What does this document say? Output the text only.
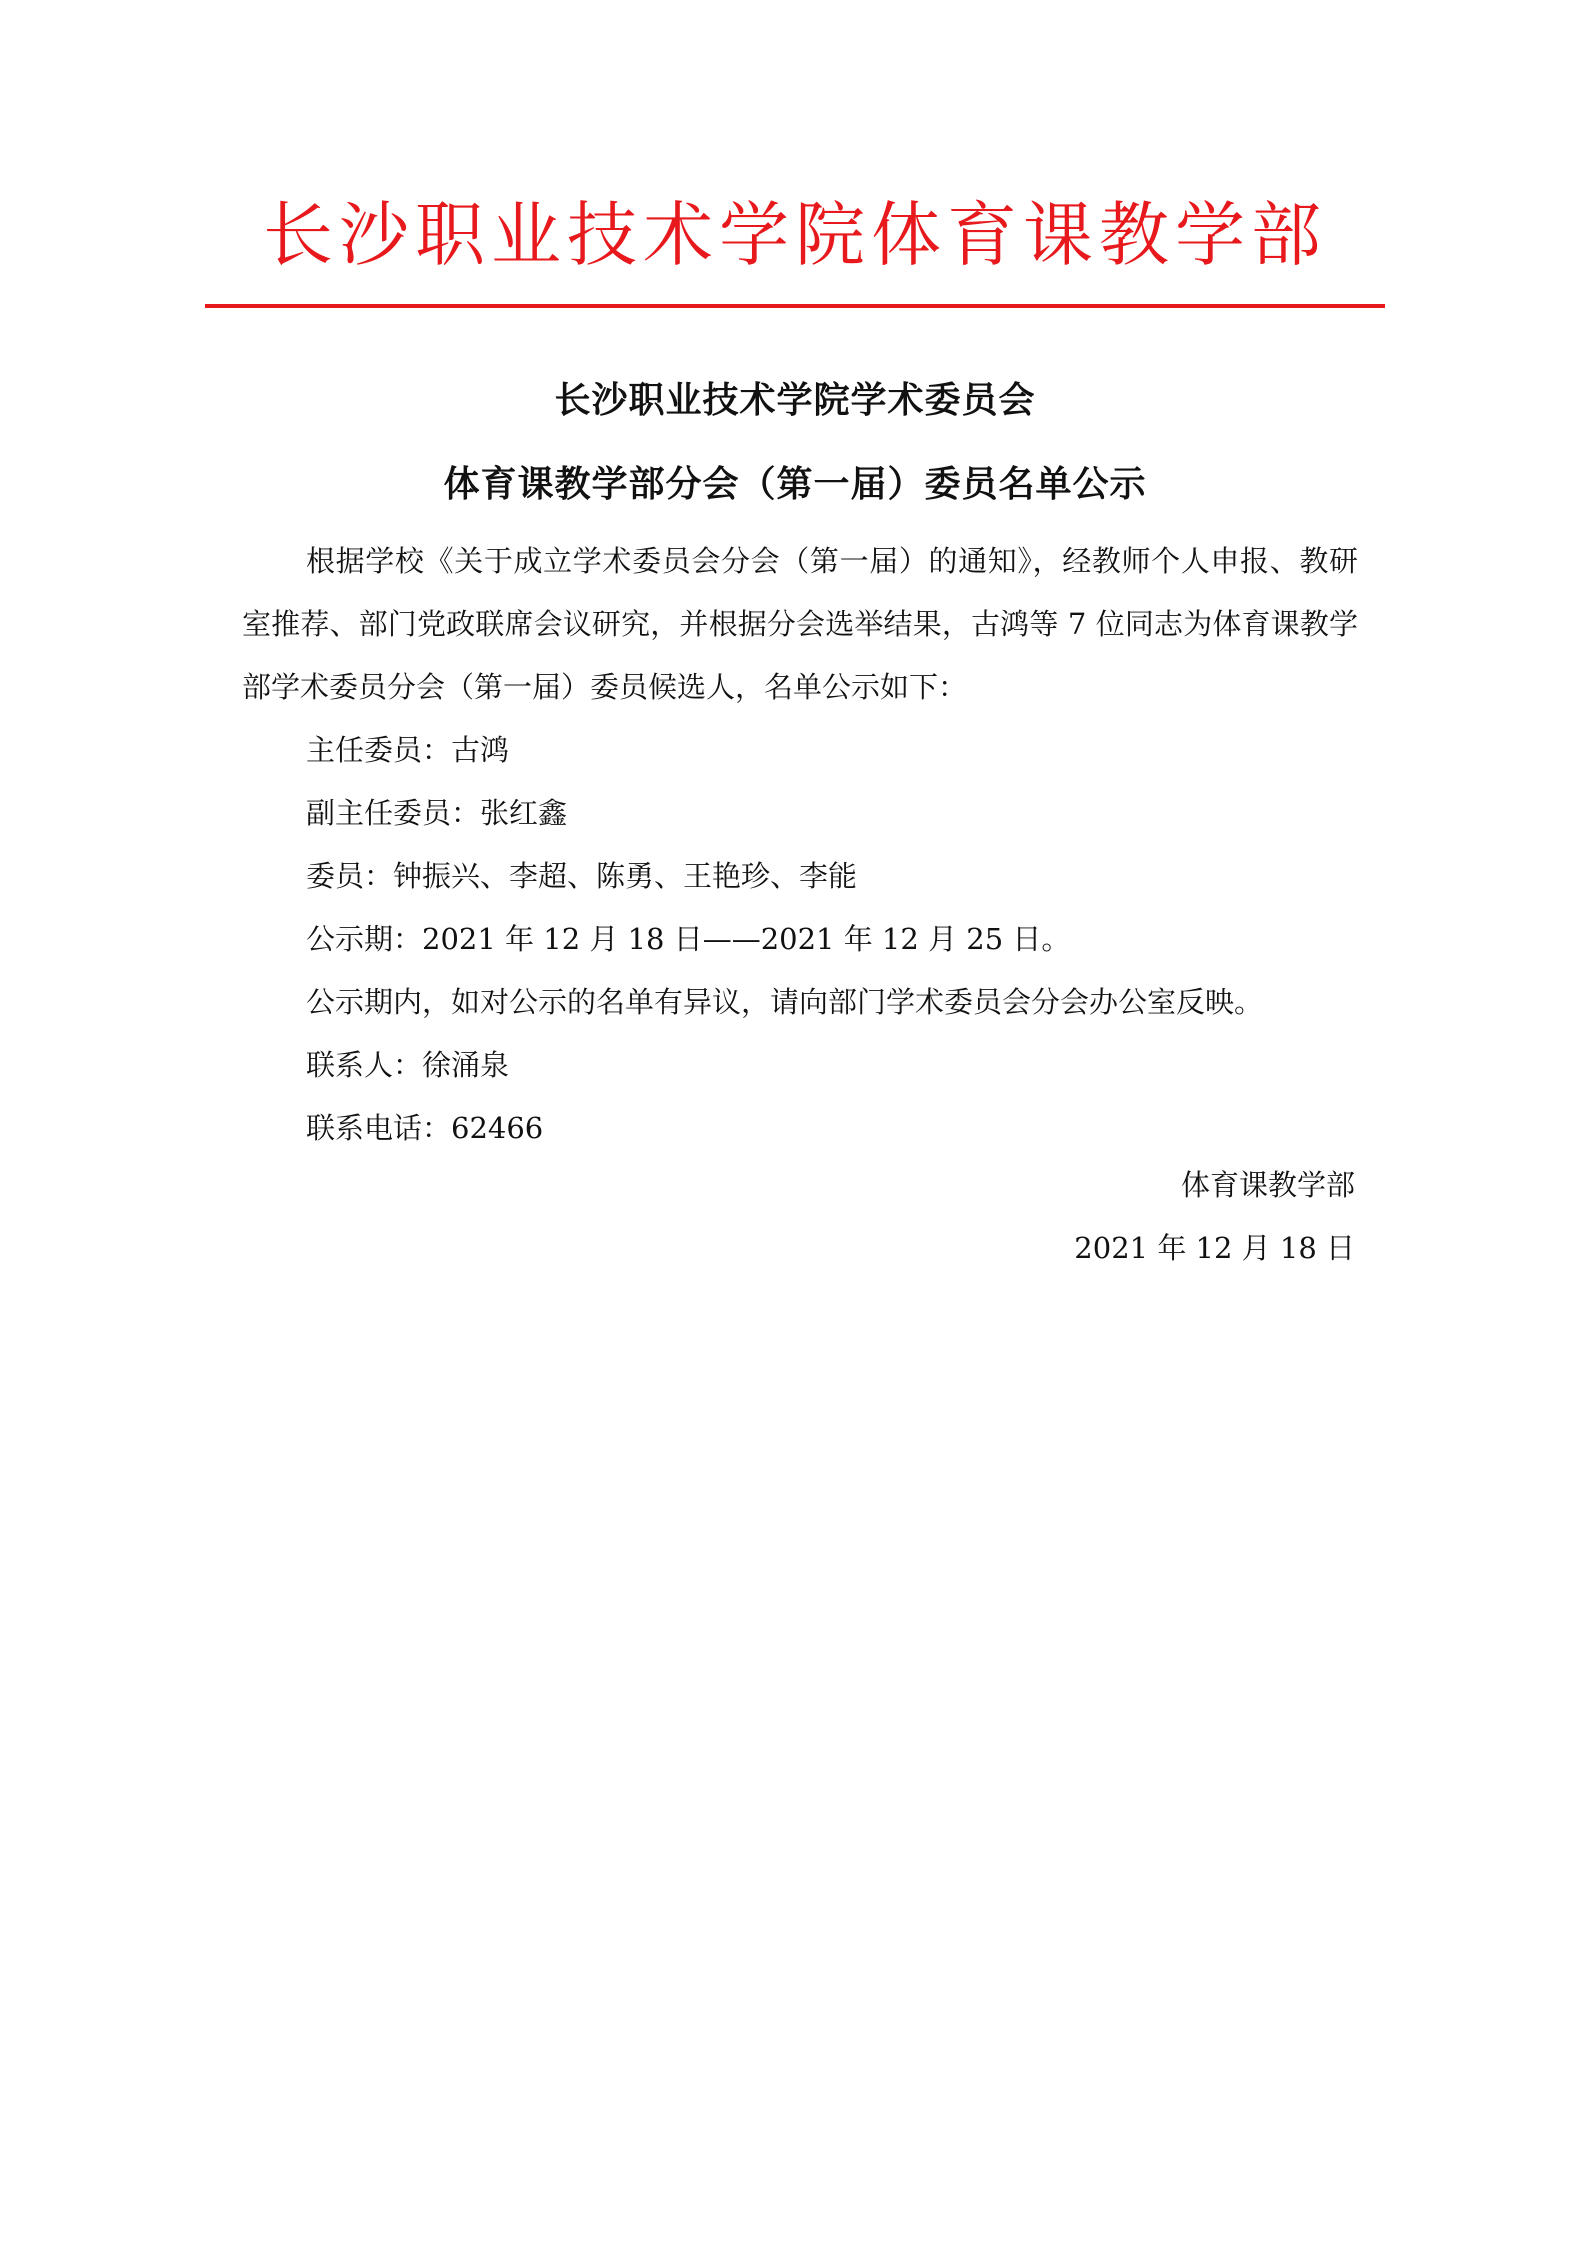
长沙职业技术学院体育课教学部
长沙职业技术学院学术委员会
体育课教学部分会（第一届）委员名单公示

根据学校《关于成立学术委员会分会（第一届）的通知》，经教师个人申报、教研室推荐、部门党政联席会议研究，并根据分会选举结果，古鸿等 7 位同志为体育课教学部学术委员分会（第一届）委员候选人，名单公示如下：

主任委员：古鸿

副主任委员：张红鑫

委员：钟振兴、李超、陈勇、王艳珍、李能

公示期：2021 年 12 月 18 日——2021 年 12 月 25 日。

公示期内，如对公示的名单有异议，请向部门学术委员会分会办公室反映。

联系人：徐涌泉

联系电话：62466

体育课教学部

2021 年 12 月 18 日
